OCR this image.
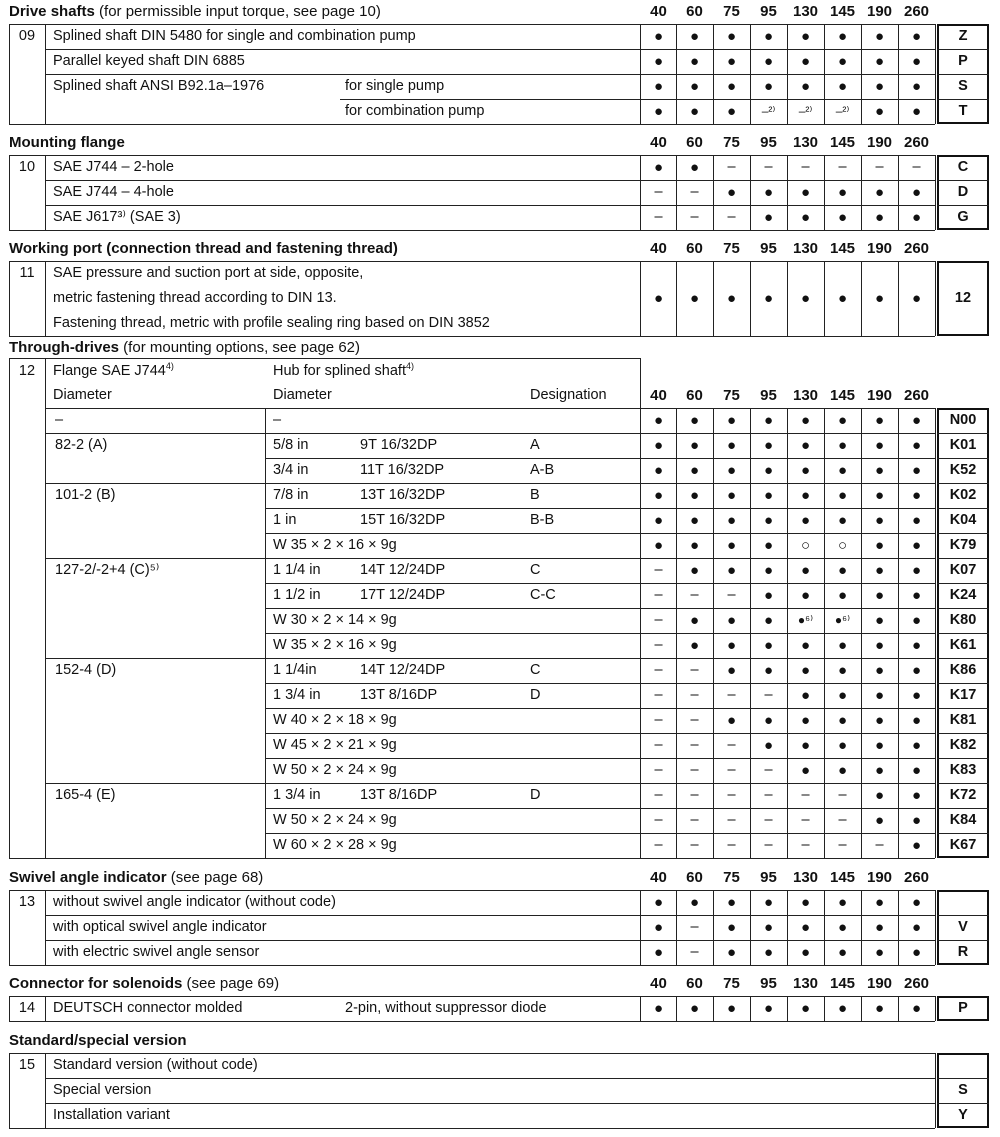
Drive shafts (for permissible input torque, see page 10)	40	60	75	95	130 145 190 260
09	Splined shaft DIN 5480 for single and combination pump	●	●	●	●	●	●	●	●	Z
Parallel keyed shaft DIN 6885	●	●	●	●	●	●	●	●	P
Splined shaft ANSI B92.1a–1976	for single pump	●	●	●	●	●	●	●	●	S
for combination pump	●	●	●	–²⁾	–²⁾	–²⁾	●	●	T
Mounting flange	40	60	75	95	130 145 190 260
10	SAE J744 – 2-hole	●	●	–	–	–	–	–	–	C
SAE J744 – 4-hole	–	–	●	●	●	●	●	●	D
SAE J617³⁾ (SAE 3)	–	–	–	●	●	●	●	●	G
Working port (connection thread and fastening thread)	40	60	75	95	130 145 190 260
11	SAE pressure and suction port at side, opposite,
metric fastening thread according to DIN 13.
Fastening thread, metric with profile sealing ring based on DIN 3852
●	●	●	●	●	●	●	●	12
Through-drives (for mounting options, see page 62)
Flange SAE J744$^{4)}$	Hub for splined shaft$^{4)}$
Diameter	Diameter	Designation	40	60	75	95	130 145 190 260
12
–	–	●	●	●	●	●	●	●	●	N00
82-2 (A)	5/8 in	9T 16/32DP	A	●	●	●	●	●	●	●	●	K01
3/4 in	11T 16/32DP	A-B	●	●	●	●	●	●	●	●	K52
101-2 (B)	7/8 in	13T 16/32DP	B	●	●	●	●	●	●	●	●	K02
1 in	15T 16/32DP	B-B	●	●	●	●	●	●	●	●	K04
W 35 × 2 × 16 × 9g	●	●	●	●	○	○	●	●	K79
127-2/-2+4 (C)⁵⁾	1 1/4 in	14T 12/24DP	C	–	●	●	●	●	●	●	●	K07
1 1/2 in	17T 12/24DP	C-C	–	–	–	●	●	●	●	●	K24
W 30 × 2 × 14 × 9g	–	●	●	●	●⁶⁾	●⁶⁾	●	●	K80
W 35 × 2 × 16 × 9g	–	●	●	●	●	●	●	●	K61
152-4 (D)	1 1/4in	14T 12/24DP	C	–	–	●	●	●	●	●	●	K86
1 3/4 in	13T 8/16DP	D	–	–	–	–	●	●	●	●	K17
W 40 × 2 × 18 × 9g	–	–	●	●	●	●	●	●	K81
W 45 × 2 × 21 × 9g	–	–	–	●	●	●	●	●	K82
W 50 × 2 × 24 × 9g	–	–	–	–	●	●	●	●	K83
165-4 (E)	1 3/4 in	13T 8/16DP	D	–	–	–	–	–	–	●	●	K72
W 50 × 2 × 24 × 9g	–	–	–	–	–	–	●	●	K84
W 60 × 2 × 28 × 9g	–	–	–	–	–	–	–	●	K67
Swivel angle indicator (see page 68)	40	60	75	95	130 145 190 260
13	without swivel angle indicator (without code)	●	●	●	●	●	●	●	●
with optical swivel angle indicator	●	–	●	●	●	●	●	●	V
with electric swivel angle sensor	●	–	●	●	●	●	●	●	R
Connector for solenoids (see page 69)	40	60	75	95	130 145 190 260
14	DEUTSCH connector molded	2-pin, without suppressor diode	●	●	●	●	●	●	●	●	P
Standard/special version
15	Standard version (without code)
Special version	S
Installation variant	Y
